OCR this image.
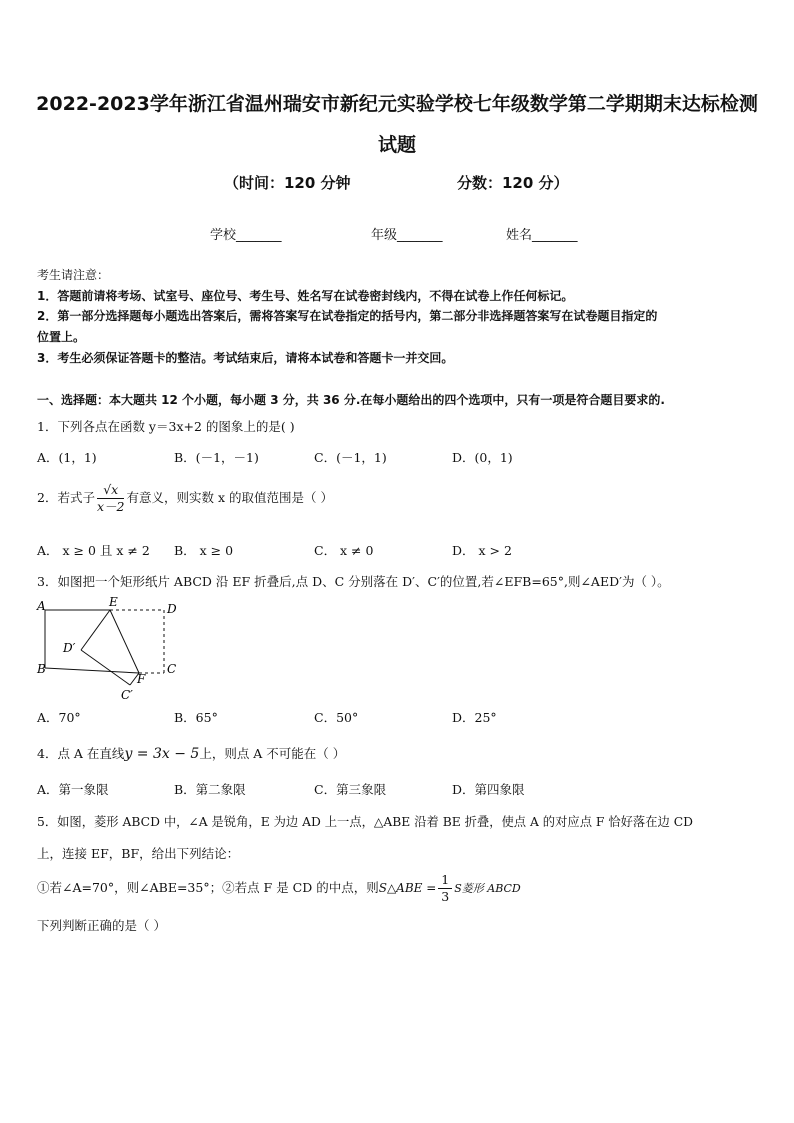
2022-2023学年浙江省温州瑞安市新纪元实验学校七年级数学第二学期期末达标检测
试题
（时间：120 分钟	分数：120 分）
学校_______	年级_______	姓名_______
考生请注意：
1．答题前请将考场、试室号、座位号、考生号、姓名写在试卷密封线内，不得在试卷上作任何标记。
2．第一部分选择题每小题选出答案后，需将答案写在试卷指定的括号内，第二部分非选择题答案写在试卷题目指定的
位置上。
3．考生必须保证答题卡的整洁。考试结束后，请将本试卷和答题卡一并交回。
一、选择题：本大题共 12 个小题，每小题 3 分，共 36 分.在每小题给出的四个选项中，只有一项是符合题目要求的.
1．下列各点在函数 y＝3x+2 的图象上的是( )
A．(1，1)	B．(－1，－1)	C．(－1，1)	D．(0，1)
2．若式子 $\frac{√x}{x-2}$ 有意义，则实数 x 的取值范围是（ ）
A． x ≥ 0 且 x ≠ 2 B． x ≥ 0	C． x ≠ 0	D． x > 2
3．如图把一个矩形纸片 ABCD 沿 EF 折叠后,点 D、C 分别落在 D′、C′的位置,若∠EFB=65°,则∠AED′为（ ）。
A	E	D
D′
B
F
C
C′
A．70°	B．65°	C．50°	D．25°
4．点 A 在直线y = 3x − 5上，则点 A 不可能在（ ）
A．第一象限	B．第二象限	C．第三象限	D．第四象限
5．如图，菱形 ABCD 中，∠A 是锐角，E 为边 AD 上一点，△ABE 沿着 BE 折叠，使点 A 的对应点 F 恰好落在边 CD
上，连接 EF，BF，给出下列结论：
①若∠A=70°，则∠ABE=35°；②若点 F 是 CD 的中点，则S△ABE = $\frac{1}{3}$ S菱形 ABCD
下列判断正确的是（ ）
